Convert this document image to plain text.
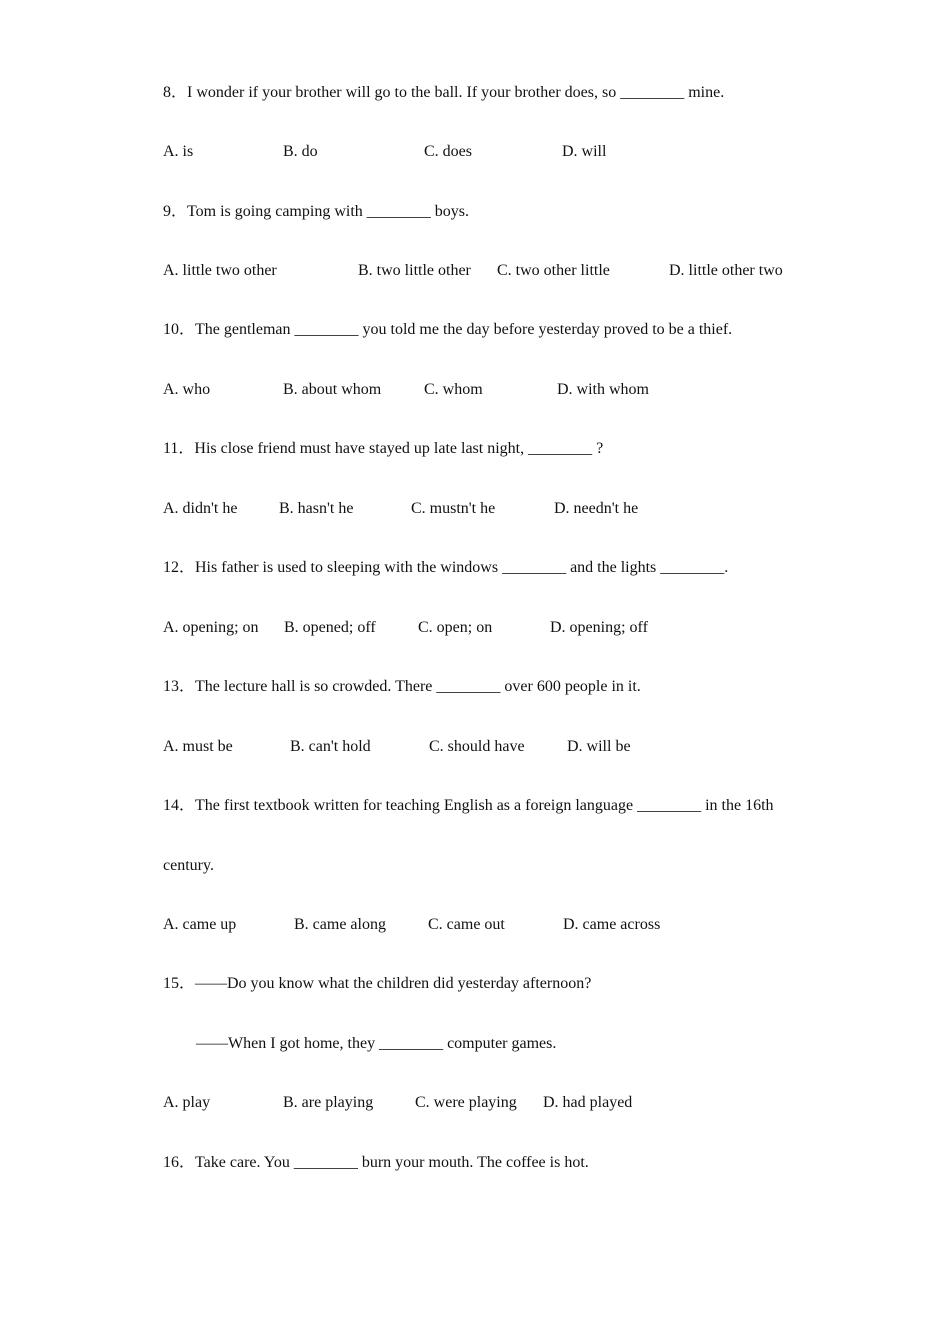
8．I wonder if your brother will go to the ball. If your brother does, so ________ mine.
A. is	B. do	C. does	D. will
9．Tom is going camping with ________ boys.
A. little two other	B. two little other C. two other little	D. little other two
10．The gentleman ________ you told me the day before yesterday proved to be a thief.
A. who	B. about whom	C. whom	D. with whom
11．His close friend must have stayed up late last night, ________ ?
A. didn't he	B. hasn't he	C. mustn't he	D. needn't he
12．His father is used to sleeping with the windows ________ and the lights ________.
A. opening; on B. opened; off	C. open; on	D. opening; off
13．The lecture hall is so crowded. There ________ over 600 people in it.
A. must be	B. can't hold	C. should have	D. will be
14．The first textbook written for teaching English as a foreign language ________ in the 16th
century.
A. came up	B. came along	C. came out	D. came across
15．——Do you know what the children did yesterday afternoon?
——When I got home, they ________ computer games.
A. play	B. are playing	C. were playing D. had played
16．Take care. You ________ burn your mouth. The coffee is hot.
